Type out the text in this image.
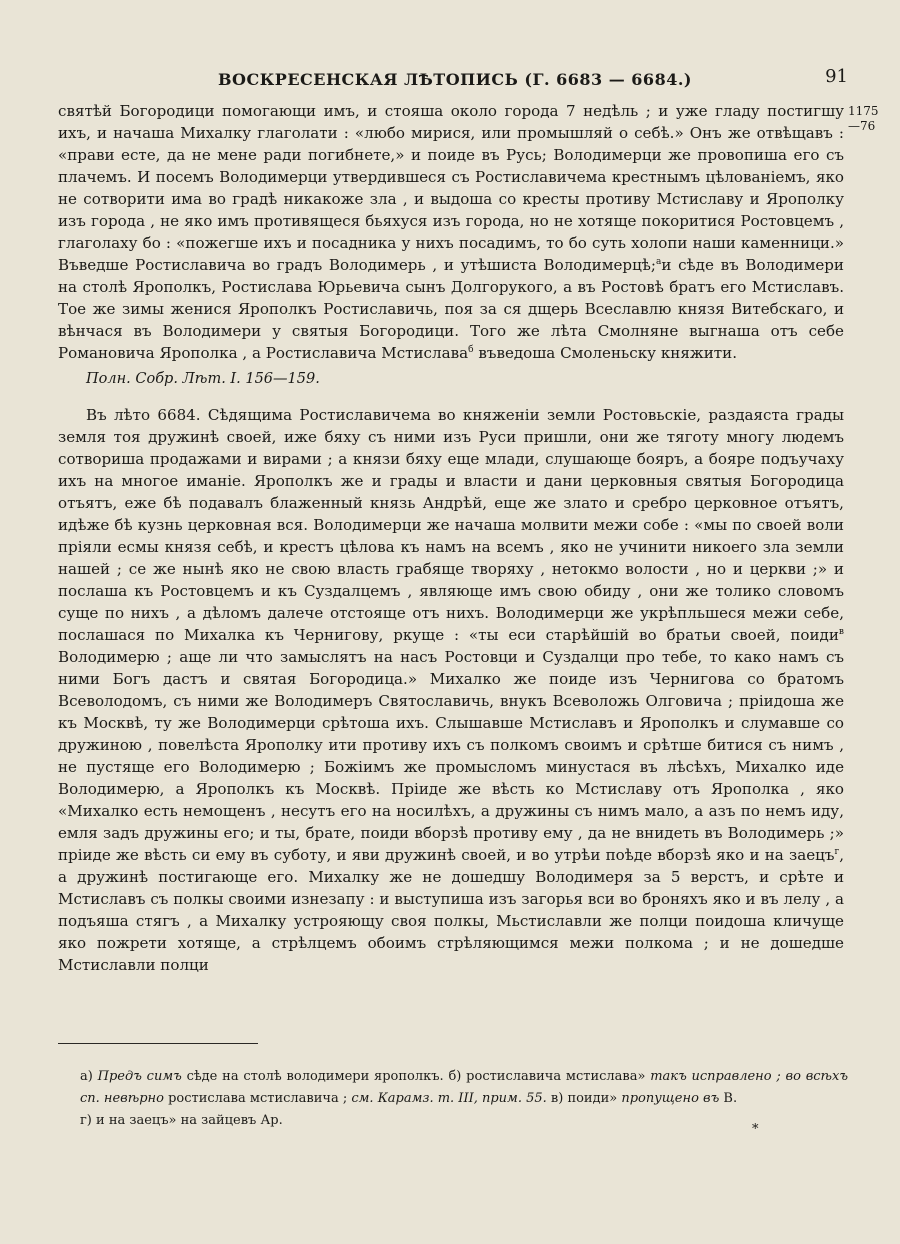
ВОСКРЕСЕНСКАЯ ЛѢТОПИСЬ (Г. 6683 — 6684.)	91
1175
—76

святѣй Богородици помогающи имъ, и стояша около города 7 недѣль ; и уже гладу постигшу ихъ, и начаша Михалку глаголати : «любо мирися, или промышляй о себѣ.» Онъ же отвѣщавъ : «прави есте, да не мене ради погибнете,» и поиде въ Русь; Володимерци же провопиша его съ плачемъ. И посемъ Володимерци утвердившеся съ Ростиславичема крестнымъ цѣлованіемъ, яко не сотворити има во градѣ никакоже зла , и выдоша со кресты противу Мстиславу и Ярополку изъ города , не яко имъ противящеся бьяхуся изъ города, но не хотяще покоритися Ростовцемъ , глаголаху бо : «пожегше ихъ и посадника у нихъ посадимъ, то бо суть холопи наши каменници.» Въведше Ростиславича во градъ Володимерь , и утѣшиста Володимерцѣ;$^a$и сѣде въ Володимери на столѣ Ярополкъ, Ростислава Юрьевича сынъ Долгорукого, а въ Ростовѣ братъ его Мстиславъ. Тое же зимы женися Ярополкъ Ростиславичь, поя за ся дщерь Всеславлю князя Витебскаго, и вѣнчася въ Володимери у святыя Богородици. Того же лѣта Смолняне выгнаша отъ себе Романовича Ярополка , а Ростиславича Мстислава$^б$ въведоша Смоленьску княжити.

Полн. Собр. Лѣт. I. 156—159.

Въ лѣто 6684. Сѣдящима Ростиславичема во княженіи земли Ростовьскіе, раздаяста грады земля тоя дружинѣ своей, иже бяху съ ними изъ Руси пришли, они же тяготу многу людемъ сотвориша продажами и вирами ; а князи бяху еще млади, слушающе бояръ, а бояре подъучаху ихъ на многое иманіе. Ярополкъ же и грады и власти и дани церковныя святыя Богородица отъятъ, еже бѣ подавалъ блаженный князь Андрѣй, еще же злато и сребро церковное отъятъ, идѣже бѣ кузнь церковная вся. Володимерци же начаша молвити межи собе : «мы по своей воли пріяли есмы князя себѣ, и крестъ цѣлова къ намъ на всемъ , яко не учинити никоего зла земли нашей ; се же нынѣ яко не свою власть грабяще творяху , нетокмо волости , но и церкви ;» и послаша къ Ростовцемъ и къ Суздалцемъ , являюще имъ свою обиду , они же толико словомъ суще по нихъ , а дѣломъ далече отстояще отъ нихъ. Володимерци же укрѣпльшеся межи себе, послашася по Михалка къ Чернигову, ркуще : «ты еси старѣйшій во братьи своей, поиди$^в$ Володимерю ; аще ли что замыслятъ на насъ Ростовци и Суздалци про тебе, то како намъ съ ними Богъ дастъ и святая Богородица.» Михалко же поиде изъ Чернигова со братомъ Всеволодомъ, съ ними же Володимеръ Святославичь, внукъ Всеволожь Олговича ; пріидоша же къ Москвѣ, ту же Володимерци срѣтоша ихъ. Слышавше Мстиславъ и Ярополкъ и слумавше со дружиною , повелѣста Ярополку ити противу ихъ съ полкомъ своимъ и срѣтше битися съ нимъ , не пустяще его Володимерю ; Божіимъ же промысломъ минустася въ лѣсѣхъ, Михалко иде Володимерю, а Ярополкъ къ Москвѣ. Пріиде же вѣсть ко Мстиславу отъ Ярополка , яко «Михалко есть немощенъ , несутъ его на носилѣхъ, а дружины съ нимъ мало, а азъ по немъ иду, емля задъ дружины его; и ты, брате, поиди вборзѣ противу ему , да не внидеть въ Володимерь ;» пріиде же вѣсть си ему въ суботу, и яви дружинѣ своей, и во утрѣи поѣде вборзѣ яко и на заецъ$^г$, а дружинѣ постигающе его. Михалку же не дошедшу Володимеря за 5 верстъ, и срѣте и Мстиславъ съ полкы своими изнезапу : и выступиша изъ загорья вси во броняхъ яко и въ лелу , а подъяша стягъ , а Михалку устрояющу своя полкы, Мьстиславли же полци поидоша кличуще яко пожрети хотяще, а стрѣлцемъ обоимъ стрѣляющимся межи полкома ; и не дошедше Мстиславли полци

а) Предъ симъ сѣде на столѣ володимери ярополкъ. б) ростиславича мстислава» такъ исправлено ; во всѣхъ сп. невѣрно ростислава мстиславича ; см. Карамз. т. III, прим. 55. в) поиди» пропущено въ В.
г) и на заецъ» на зайцевъ Ар.
*
